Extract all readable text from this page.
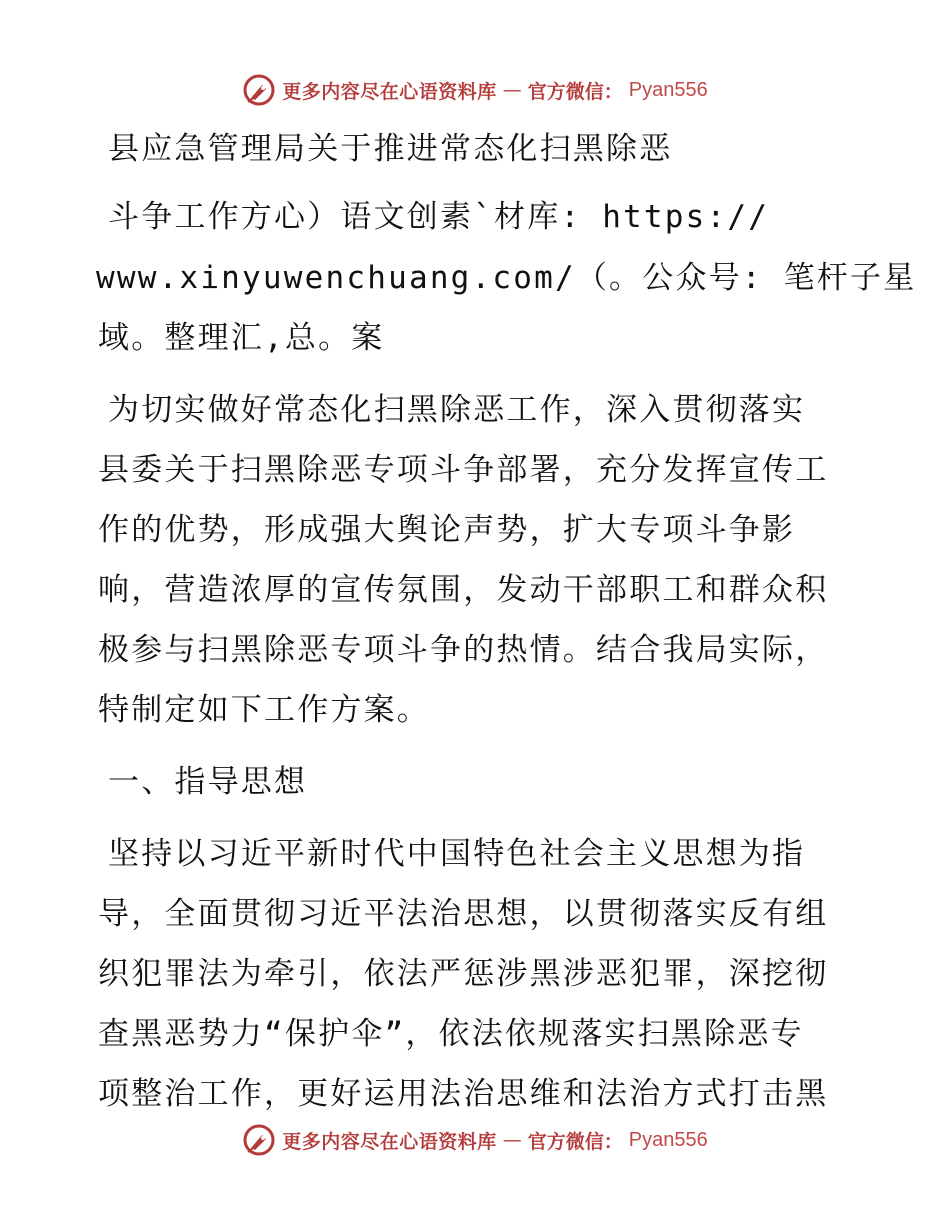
更多内容尽在心语资料库 — 官方微信： Pyan556
县应急管理局关于推进常态化扫黑除恶
斗争工作方心）语文创素`材库: https://
www.xinyuwenchuang.com/（。公众号: 笔杆子星
域。整理汇,总。案
为切实做好常态化扫黑除恶工作，深入贯彻落实
县委关于扫黑除恶专项斗争部署，充分发挥宣传工
作的优势，形成强大舆论声势，扩大专项斗争影
响，营造浓厚的宣传氛围，发动干部职工和群众积
极参与扫黑除恶专项斗争的热情。结合我局实际，
特制定如下工作方案。
一、指导思想
坚持以习近平新时代中国特色社会主义思想为指
导，全面贯彻习近平法治思想，以贯彻落实反有组
织犯罪法为牵引，依法严惩涉黑涉恶犯罪，深挖彻
查黑恶势力“保护伞”，依法依规落实扫黑除恶专
项整治工作，更好运用法治思维和法治方式打击黑
更多内容尽在心语资料库 — 官方微信： Pyan556
